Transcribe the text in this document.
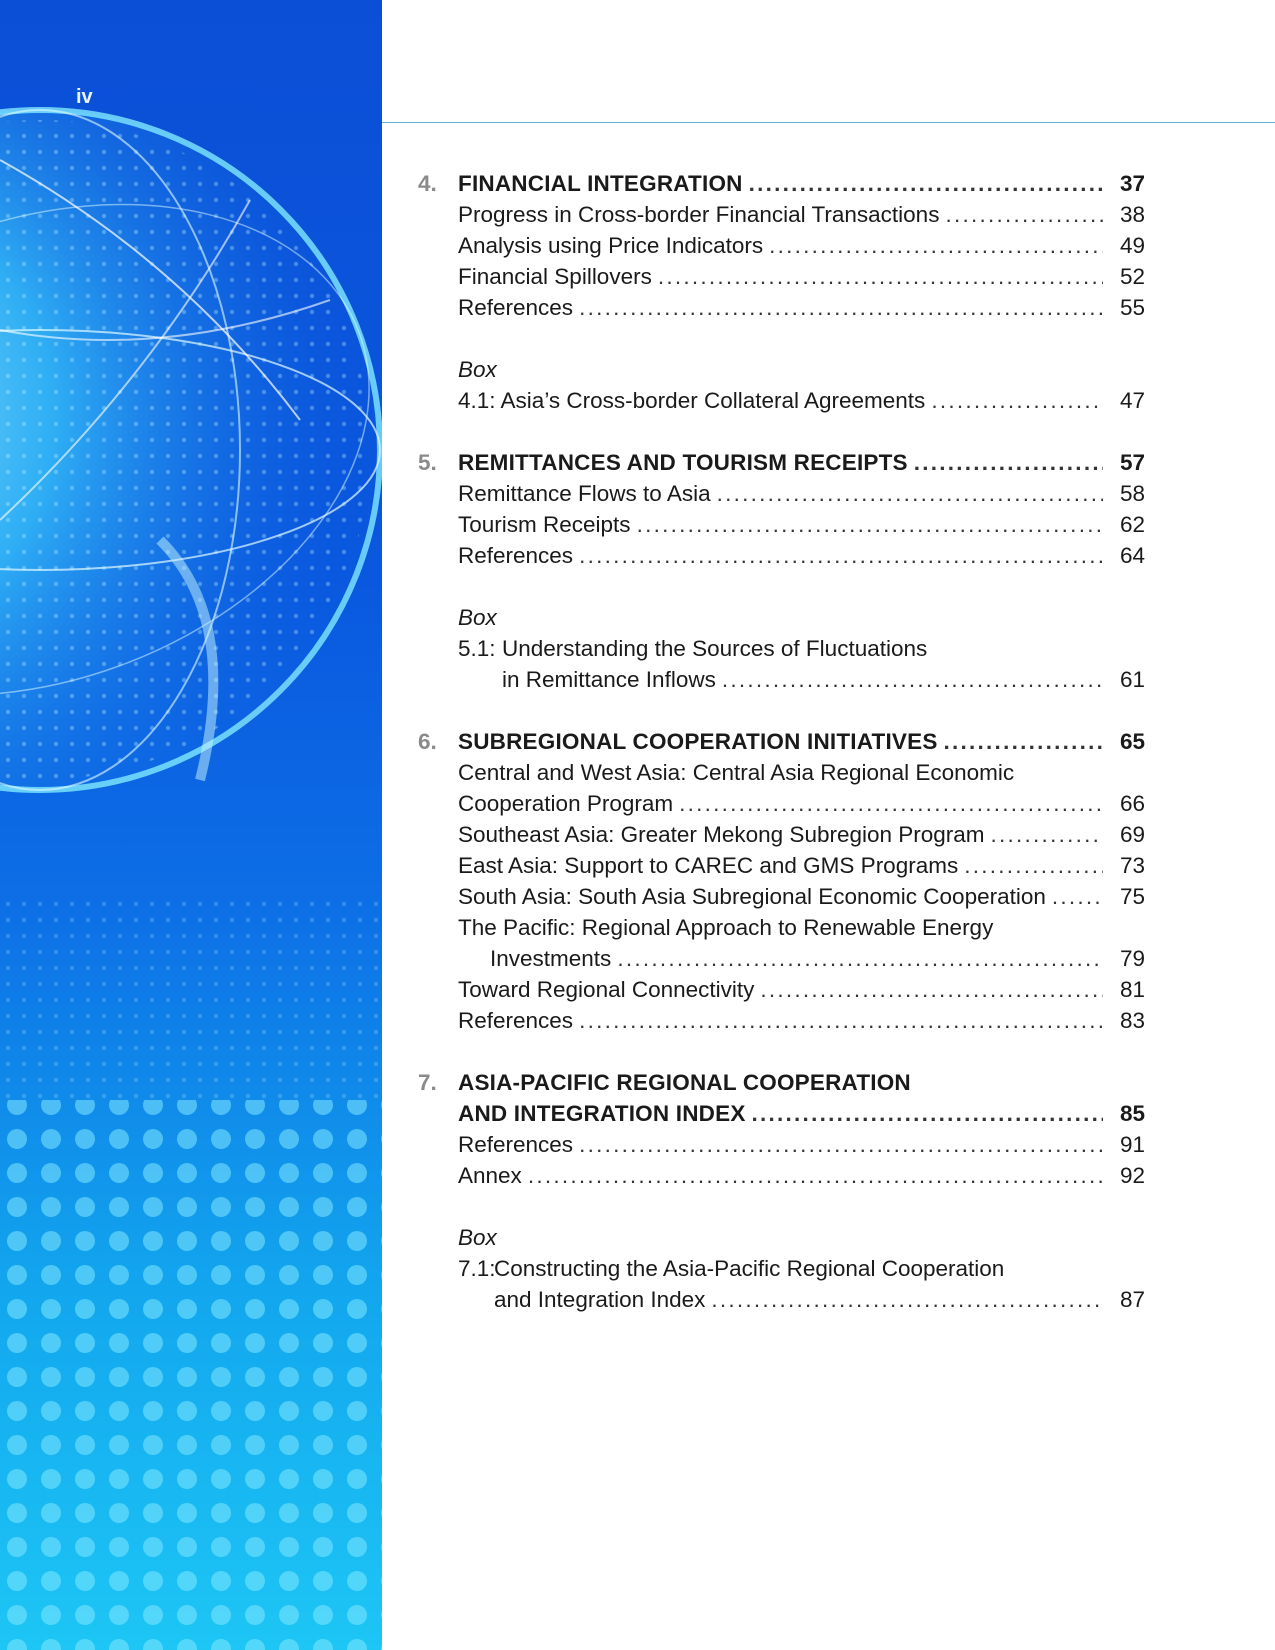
iv
4. FINANCIAL INTEGRATION . . .	37
Progress in Cross-border Financial Transactions . . .	38
Analysis using Price Indicators . . .	49
Financial Spillovers . . .	52
References . . .	55
Box
4.1: Asia’s Cross-border Collateral Agreements . . .	47
5. REMITTANCES AND TOURISM RECEIPTS . . .	57
Remittance Flows to Asia . . .	58
Tourism Receipts . . .	62
References . . .	64
Box
5.1: Understanding the Sources of Fluctuations
in Remittance Inflows . . .	61
6. SUBREGIONAL COOPERATION INITIATIVES . . .	65
Central and West Asia: Central Asia Regional Economic
Cooperation Program . . .	66
Southeast Asia: Greater Mekong Subregion Program . . .	69
East Asia: Support to CAREC and GMS Programs . . .	73
South Asia: South Asia Subregional Economic Cooperation . . .	75
The Pacific: Regional Approach to Renewable Energy
Investments . . .	79
Toward Regional Connectivity . . .	81
References . . .	83
7. ASIA-PACIFIC REGIONAL COOPERATION
AND INTEGRATION INDEX . . .	85
References . . .	91
Annex . . .	92
Box
7.1:
Constructing the Asia-Pacific Regional Cooperation
and Integration Index . . .	87
